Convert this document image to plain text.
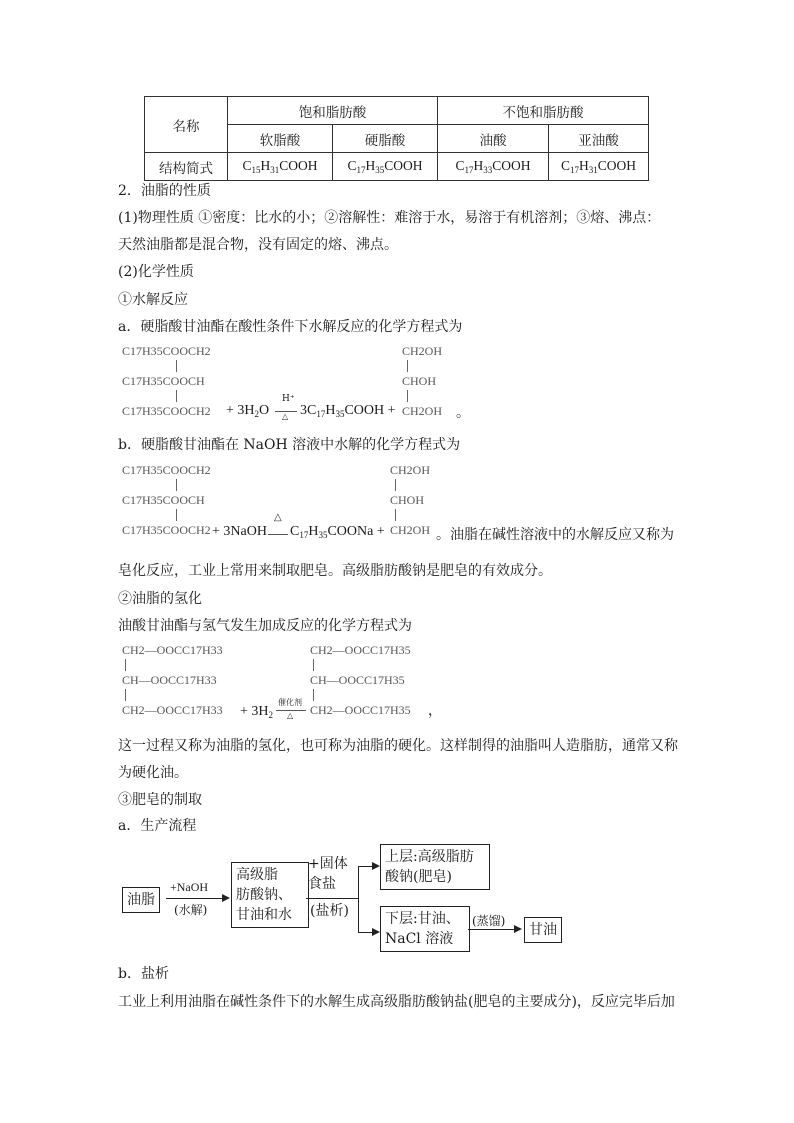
名称	饱和脂肪酸		不饱和脂肪酸	
	软脂酸	硬脂酸	油酸	亚油酸
结构简式	$C_{15}H_{31}COOH$	$C_{17}H_{35}COOH$	$C_{17}H_{33}COOH$	$C_{17}H_{31}COOH$
2．油脂的性质
(1)物理性质 ①密度：比水的小；②溶解性：难溶于水，易溶于有机溶剂；③熔、沸点：
天然油脂都是混合物，没有固定的熔、沸点。
(2)化学性质
①水解反应
a．硬脂酸甘油酯在酸性条件下水解反应的化学方程式为
C17H35COOCH2
C17H35COOCH
C17H35COOCH2 + $3H_2O$
H⁺
△ $3C_{17}H_{35}COOH$ +
CH2OH
CHOH
CH2OH 。
b．硬脂酸甘油酯在 NaOH 溶液中水解的化学方程式为
C17H35COOCH2
C17H35COOCH
C17H35COOCH2 + 3NaOH
△
$C_{17}H_{35}COONa$ +
CH2OH
CHOH
CH2OH 。油脂在碱性溶液中的水解反应又称为
皂化反应，工业上常用来制取肥皂。高级脂肪酸钠是肥皂的有效成分。
②油脂的氢化
油酸甘油酯与氢气发生加成反应的化学方程式为
CH2—OOCC17H33
CH—OOCC17H33
CH2—OOCC17H33 + $3H_2$
催化剂
△
CH2—OOCC17H35
CH—OOCC17H35
CH2—OOCC17H35 ，
这一过程又称为油脂的氢化，也可称为油脂的硬化。这样制得的油脂叫人造脂肪，通常又称
为硬化油。
③肥皂的制取
a．生产流程
油脂
+NaOH
(水解)
高级脂
肪酸钠、
甘油和水
+固体
食盐
(盐析)
上层:高级脂肪
酸钠(肥皂)
下层:甘油、
NaCl 溶液
(蒸馏)
甘油
b．盐析
工业上利用油脂在碱性条件下的水解生成高级脂肪酸钠盐(肥皂的主要成分)，反应完毕后加
